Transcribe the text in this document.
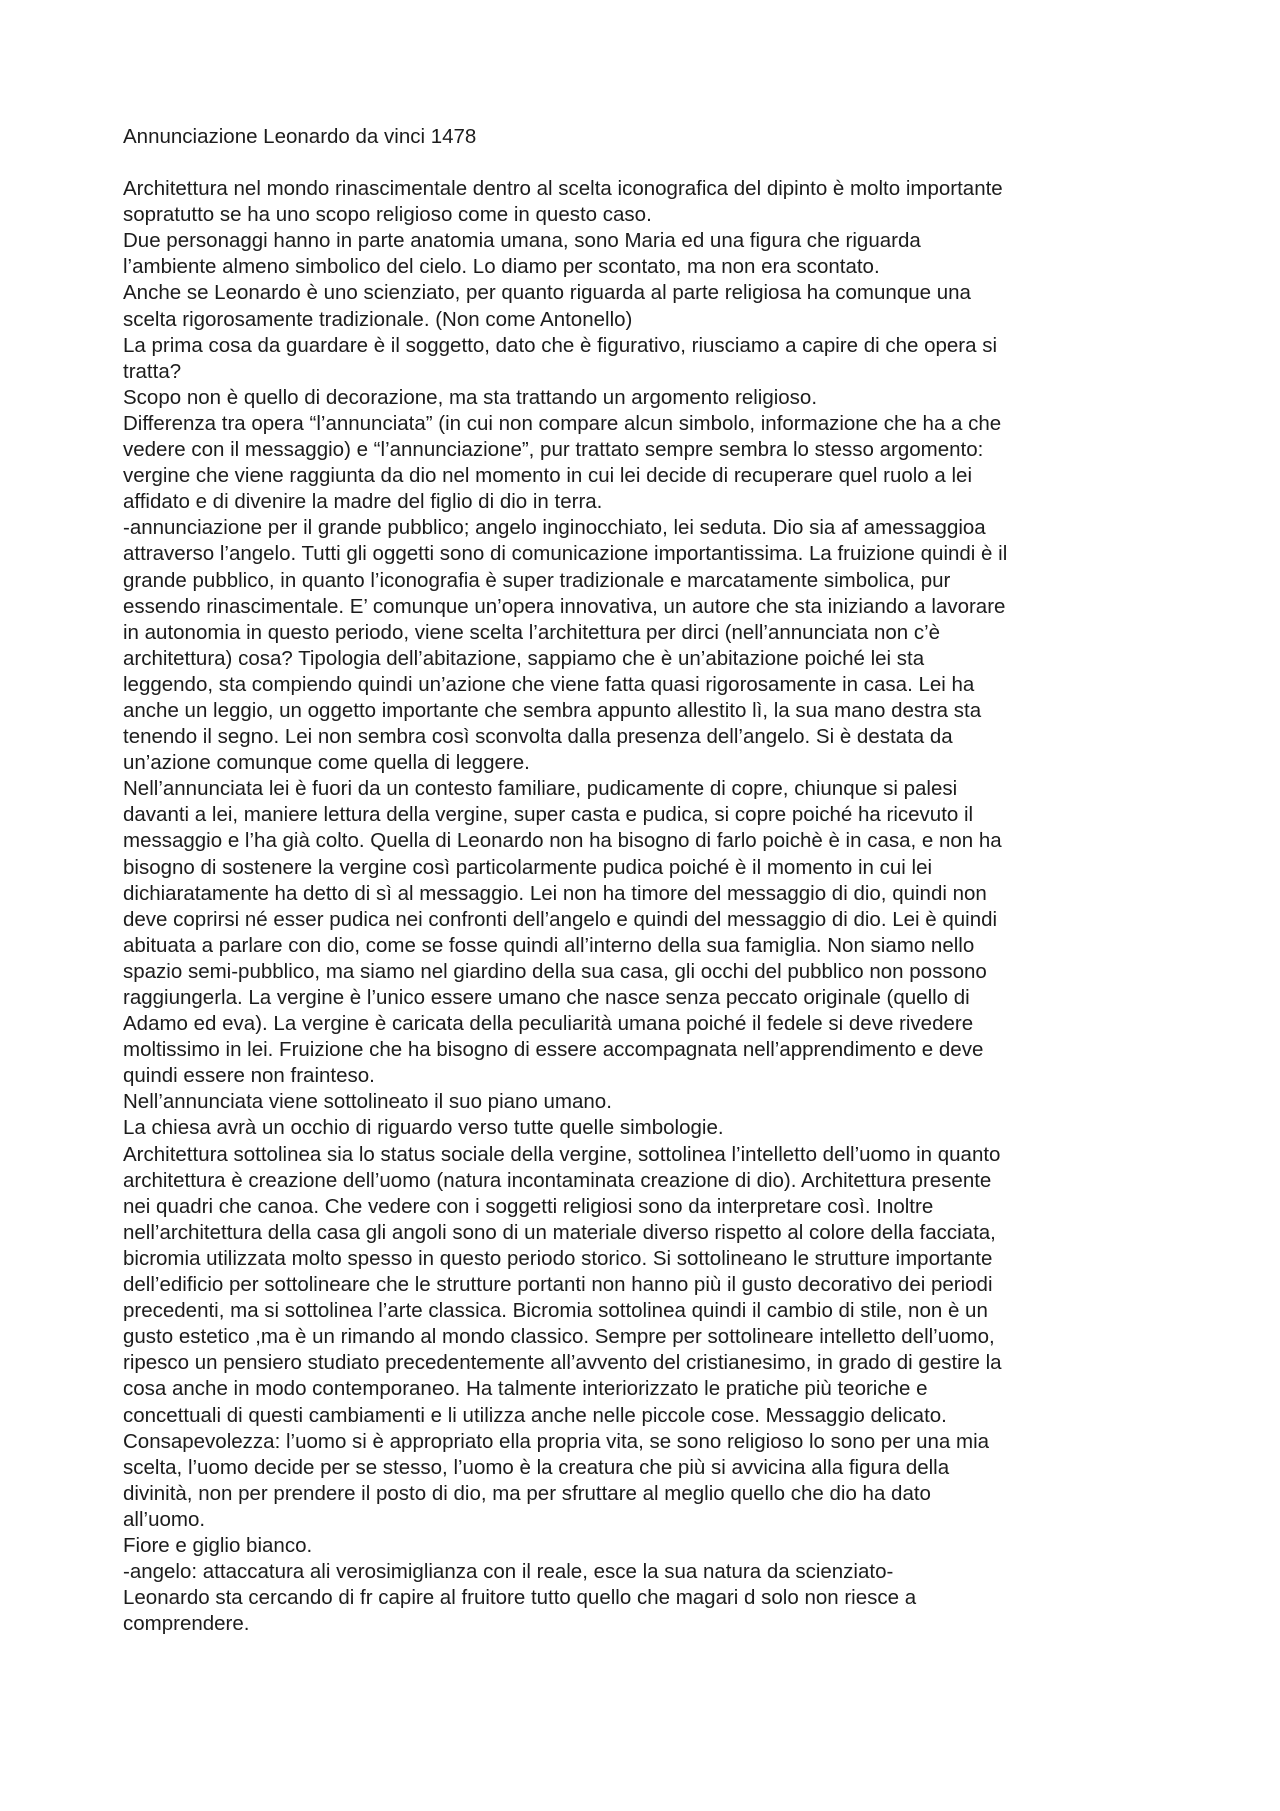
Annunciazione Leonardo da vinci 1478
Architettura nel mondo rinascimentale dentro al scelta iconografica del dipinto è molto importante
sopratutto se ha uno scopo religioso come in questo caso.
Due personaggi hanno in parte anatomia umana, sono Maria ed una figura che riguarda
l’ambiente almeno simbolico del cielo. Lo diamo per scontato, ma non era scontato.
Anche se Leonardo è uno scienziato, per quanto riguarda al parte religiosa ha comunque una
scelta rigorosamente tradizionale. (Non come Antonello)
La prima cosa da guardare è il soggetto, dato che è figurativo, riusciamo a capire di che opera si
tratta?
Scopo non è quello di decorazione, ma sta trattando un argomento religioso.
Differenza tra opera “l’annunciata” (in cui non compare alcun simbolo, informazione che ha a che
vedere con il messaggio) e “l’annunciazione”, pur trattato sempre sembra lo stesso argomento:
vergine che viene raggiunta da dio nel momento in cui lei decide di recuperare quel ruolo a lei
affidato e di divenire la madre del figlio di dio in terra.
-annunciazione per il grande pubblico; angelo inginocchiato, lei seduta. Dio sia af amessaggioa
attraverso l’angelo. Tutti gli oggetti sono di comunicazione importantissima. La fruizione quindi è il
grande pubblico, in quanto l’iconografia è super tradizionale e marcatamente simbolica, pur
essendo rinascimentale. E’ comunque un’opera innovativa, un autore che sta iniziando a lavorare
in autonomia in questo periodo, viene scelta l’architettura per dirci (nell’annunciata non c’è
architettura) cosa? Tipologia dell’abitazione, sappiamo che è un’abitazione poiché lei sta
leggendo, sta compiendo quindi un’azione che viene fatta quasi rigorosamente in casa. Lei ha
anche un leggio, un oggetto importante che sembra appunto allestito lì, la sua mano destra sta
tenendo il segno. Lei non sembra così sconvolta dalla presenza dell’angelo. Si è destata da
un’azione comunque come quella di leggere.
Nell’annunciata lei è fuori da un contesto familiare, pudicamente di copre, chiunque si palesi
davanti a lei, maniere lettura della vergine, super casta e pudica, si copre poiché ha ricevuto il
messaggio e l’ha già colto. Quella di Leonardo non ha bisogno di farlo poichè è in casa, e non ha
bisogno di sostenere la vergine così particolarmente pudica poiché è il momento in cui lei
dichiaratamente ha detto di sì al messaggio. Lei non ha timore del messaggio di dio, quindi non
deve coprirsi né esser pudica nei confronti dell’angelo e quindi del messaggio di dio. Lei è quindi
abituata a parlare con dio, come se fosse quindi all’interno della sua famiglia. Non siamo nello
spazio semi-pubblico, ma siamo nel giardino della sua casa, gli occhi del pubblico non possono
raggiungerla. La vergine è l’unico essere umano che nasce senza peccato originale (quello di
Adamo ed eva). La vergine è caricata della peculiarità umana poiché il fedele si deve rivedere
moltissimo in lei. Fruizione che ha bisogno di essere accompagnata nell’apprendimento e deve
quindi essere non frainteso.
Nell’annunciata viene sottolineato il suo piano umano.
La chiesa avrà un occhio di riguardo verso tutte quelle simbologie.
Architettura sottolinea sia lo status sociale della vergine, sottolinea l’intelletto dell’uomo in quanto
architettura è creazione dell’uomo (natura incontaminata creazione di dio). Architettura presente
nei quadri che canoa. Che vedere con i soggetti religiosi sono da interpretare così. Inoltre
nell’architettura della casa gli angoli sono di un materiale diverso rispetto al colore della facciata,
bicromia utilizzata molto spesso in questo periodo storico. Si sottolineano le strutture importante
dell’edificio per sottolineare che le strutture portanti non hanno più il gusto decorativo dei periodi
precedenti, ma si sottolinea l’arte classica. Bicromia sottolinea quindi il cambio di stile, non è un
gusto estetico ,ma è un rimando al mondo classico. Sempre per sottolineare intelletto dell’uomo,
ripesco un pensiero studiato precedentemente all’avvento del cristianesimo, in grado di gestire la
cosa anche in modo contemporaneo. Ha talmente interiorizzato le pratiche più teoriche e
concettuali di questi cambiamenti e li utilizza anche nelle piccole cose. Messaggio delicato.
Consapevolezza: l’uomo si è appropriato ella propria vita, se sono religioso lo sono per una mia
scelta, l’uomo decide per se stesso, l’uomo è la creatura che più si avvicina alla figura della
divinità, non per prendere il posto di dio, ma per sfruttare al meglio quello che dio ha dato
all’uomo.
Fiore e giglio bianco.
-angelo: attaccatura ali verosimiglianza con il reale, esce la sua natura da scienziato-
Leonardo sta cercando di fr capire al fruitore tutto quello che magari d solo non riesce a
comprendere.
